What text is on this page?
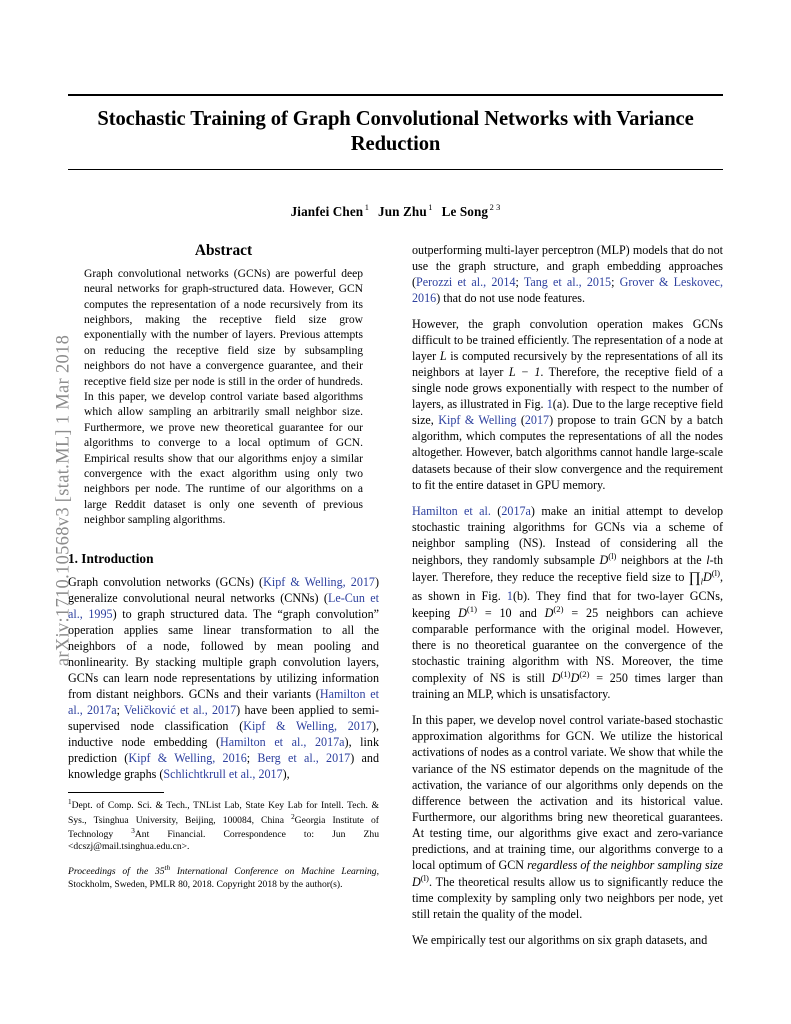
arXiv:1710.10568v3 [stat.ML] 1 Mar 2018
Stochastic Training of Graph Convolutional Networks with Variance Reduction
Jianfei Chen $^1$ Jun Zhu $^1$ Le Song $^{2 3}$
Abstract
Graph convolutional networks (GCNs) are powerful deep neural networks for graph-structured data. However, GCN computes the representation of a node recursively from its neighbors, making the receptive field size grow exponentially with the number of layers. Previous attempts on reducing the receptive field size by subsampling neighbors do not have a convergence guarantee, and their receptive field size per node is still in the order of hundreds. In this paper, we develop control variate based algorithms which allow sampling an arbitrarily small neighbor size. Furthermore, we prove new theoretical guarantee for our algorithms to converge to a local optimum of GCN. Empirical results show that our algorithms enjoy a similar convergence with the exact algorithm using only two neighbors per node. The runtime of our algorithms on a large Reddit dataset is only one seventh of previous neighbor sampling algorithms.
1. Introduction

Graph convolution networks (GCNs) (Kipf & Welling, 2017) generalize convolutional neural networks (CNNs) (Le-Cun et al., 1995) to graph structured data. The “graph convolution” operation applies same linear transformation to all the neighbors of a node, followed by mean pooling and nonlinearity. By stacking multiple graph convolution layers, GCNs can learn node representations by utilizing information from distant neighbors. GCNs and their variants (Hamilton et al., 2017a; Veličković et al., 2017) have been applied to semi-supervised node classification (Kipf & Welling, 2017), inductive node embedding (Hamilton et al., 2017a), link prediction (Kipf & Welling, 2016; Berg et al., 2017) and knowledge graphs (Schlichtkrull et al., 2017),

$^1$Dept. of Comp. Sci. & Tech., TNList Lab, State Key Lab for Intell. Tech. & Sys., Tsinghua University, Beijing, 100084, China $^2$Georgia Institute of Technology $^3$Ant Financial. Correspondence to: Jun Zhu <dcszj@mail.tsinghua.edu.cn>.

Proceedings of the 35th International Conference on Machine Learning, Stockholm, Sweden, PMLR 80, 2018. Copyright 2018 by the author(s).

outperforming multi-layer perceptron (MLP) models that do not use the graph structure, and graph embedding approaches (Perozzi et al., 2014; Tang et al., 2015; Grover & Leskovec, 2016) that do not use node features.

However, the graph convolution operation makes GCNs difficult to be trained efficiently. The representation of a node at layer L is computed recursively by the representations of all its neighbors at layer L − 1. Therefore, the receptive field of a single node grows exponentially with respect to the number of layers, as illustrated in Fig. 1(a). Due to the large receptive field size, Kipf & Welling (2017) propose to train GCN by a batch algorithm, which computes the representations of all the nodes altogether. However, batch algorithms cannot handle large-scale datasets because of their slow convergence and the requirement to fit the entire dataset in GPU memory.

Hamilton et al. (2017a) make an initial attempt to develop stochastic training algorithms for GCNs via a scheme of neighbor sampling (NS). Instead of considering all the neighbors, they randomly subsample $D^{(l)}$ neighbors at the l-th layer. Therefore, they reduce the receptive field size to $\prod_lD^{(l)}$, as shown in Fig. 1(b). They find that for two-layer GCNs, keeping $D^{(1)} = 10$ and $D^{(2)} = 25$ neighbors can achieve comparable performance with the original model. However, there is no theoretical guarantee on the convergence of the stochastic training algorithm with NS. Moreover, the time complexity of NS is still $D^{(1)}D^{(2)} = 250$ times larger than training an MLP, which is unsatisfactory.

In this paper, we develop novel control variate-based stochastic approximation algorithms for GCN. We utilize the historical activations of nodes as a control variate. We show that while the variance of the NS estimator depends on the magnitude of the activation, the variance of our algorithms only depends on the difference between the activation and its historical value. Furthermore, our algorithms bring new theoretical guarantees. At testing time, our algorithms give exact and zero-variance predictions, and at training time, our algorithms converge to a local optimum of GCN regardless of the neighbor sampling size $D^{(l)}$. The theoretical results allow us to significantly reduce the time complexity by sampling only two neighbors per node, yet still retain the quality of the model.

We empirically test our algorithms on six graph datasets, and
